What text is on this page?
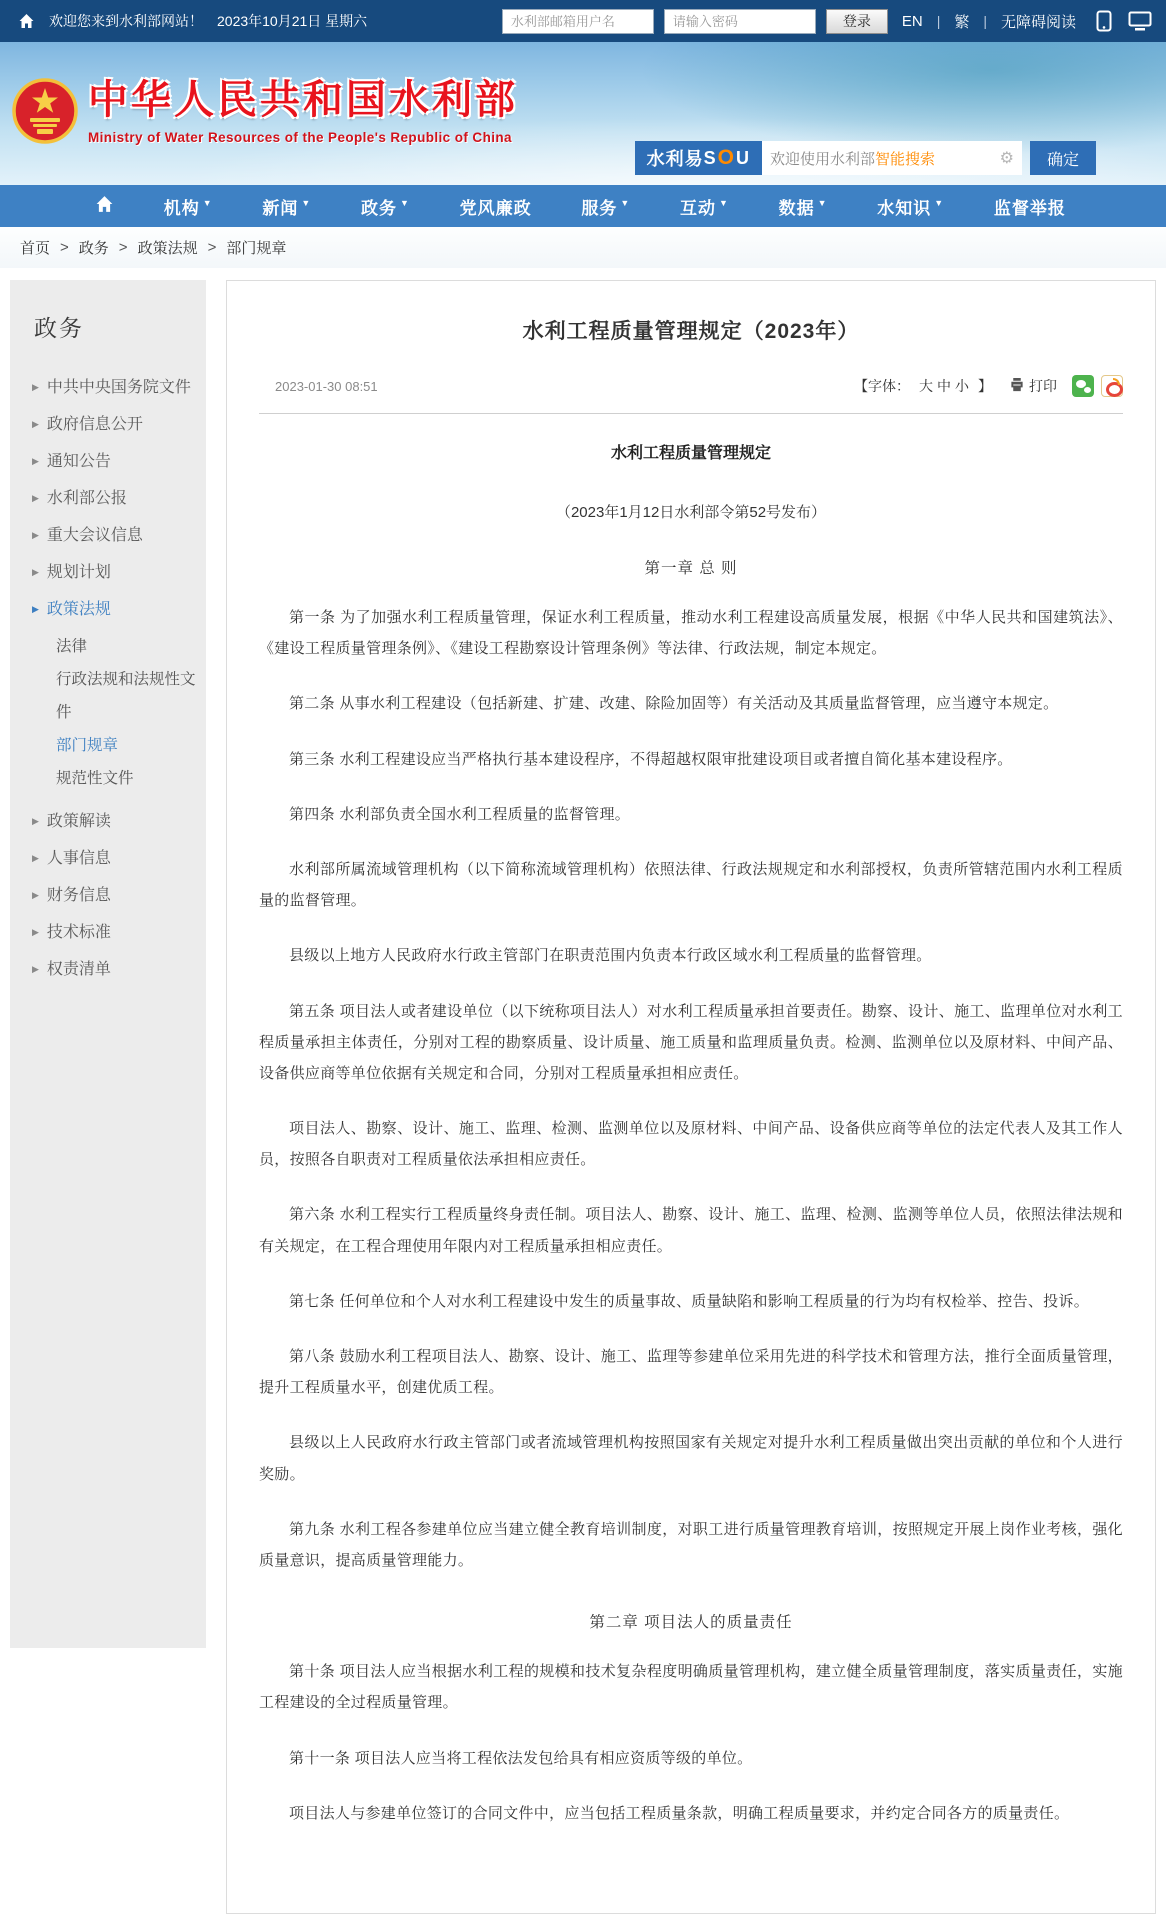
欢迎您来到水利部网站！ 2023年10月21日 星期六
水利部邮箱用户名	登录	EN | 繁 | 无障碍阅读
中华人民共和国水利部
Ministry of Water Resources of the People's Republic of China
水利易 S O U 欢迎使用水利部 智能搜索	⚙	确定
机构 ▼	新闻 ▼	政务 ▼	党风廉政	服务 ▼	互动 ▼	数据 ▼	水知识 ▼	监督举报
首页 > 政务 > 政策法规 > 部门规章
政务
▶ 中共中央国务院文件
▶ 政府信息公开
▶ 通知公告
▶ 水利部公报
▶ 重大会议信息
▶ 规划计划
▶ 政策法规
法律
行政法规和法规性文件
部门规章
规范性文件
▶ 政策解读
▶ 人事信息
▶ 财务信息
▶ 技术标准
▶ 权责清单
水利工程质量管理规定（2023年）
2023-01-30 08:51	【字体： 大 中 小 】	打印
水利工程质量管理规定
（2023年1月12日水利部令第52号发布）
第一章 总 则

第一条 为了加强水利工程质量管理，保证水利工程质量，推动水利工程建设高质量发展，根据《中华人民共和国建筑法》、《建设工程质量管理条例》、《建设工程勘察设计管理条例》等法律、行政法规，制定本规定。

第二条 从事水利工程建设（包括新建、扩建、改建、除险加固等）有关活动及其质量监督管理，应当遵守本规定。

第三条 水利工程建设应当严格执行基本建设程序，不得超越权限审批建设项目或者擅自简化基本建设程序。

第四条 水利部负责全国水利工程质量的监督管理。

水利部所属流域管理机构（以下简称流域管理机构）依照法律、行政法规规定和水利部授权，负责所管辖范围内水利工程质量的监督管理。

县级以上地方人民政府水行政主管部门在职责范围内负责本行政区域水利工程质量的监督管理。

第五条 项目法人或者建设单位（以下统称项目法人）对水利工程质量承担首要责任。勘察、设计、施工、监理单位对水利工程质量承担主体责任，分别对工程的勘察质量、设计质量、施工质量和监理质量负责。检测、监测单位以及原材料、中间产品、设备供应商等单位依据有关规定和合同，分别对工程质量承担相应责任。

项目法人、勘察、设计、施工、监理、检测、监测单位以及原材料、中间产品、设备供应商等单位的法定代表人及其工作人员，按照各自职责对工程质量依法承担相应责任。

第六条 水利工程实行工程质量终身责任制。项目法人、勘察、设计、施工、监理、检测、监测等单位人员，依照法律法规和有关规定，在工程合理使用年限内对工程质量承担相应责任。

第七条 任何单位和个人对水利工程建设中发生的质量事故、质量缺陷和影响工程质量的行为均有权检举、控告、投诉。

第八条 鼓励水利工程项目法人、勘察、设计、施工、监理等参建单位采用先进的科学技术和管理方法，推行全面质量管理，提升工程质量水平，创建优质工程。

县级以上人民政府水行政主管部门或者流域管理机构按照国家有关规定对提升水利工程质量做出突出贡献的单位和个人进行奖励。

第九条 水利工程各参建单位应当建立健全教育培训制度，对职工进行质量管理教育培训，按照规定开展上岗作业考核，强化质量意识，提高质量管理能力。

第二章 项目法人的质量责任

第十条 项目法人应当根据水利工程的规模和技术复杂程度明确质量管理机构，建立健全质量管理制度，落实质量责任，实施工程建设的全过程质量管理。

第十一条 项目法人应当将工程依法发包给具有相应资质等级的单位。

项目法人与参建单位签订的合同文件中，应当包括工程质量条款，明确工程质量要求，并约定合同各方的质量责任。
